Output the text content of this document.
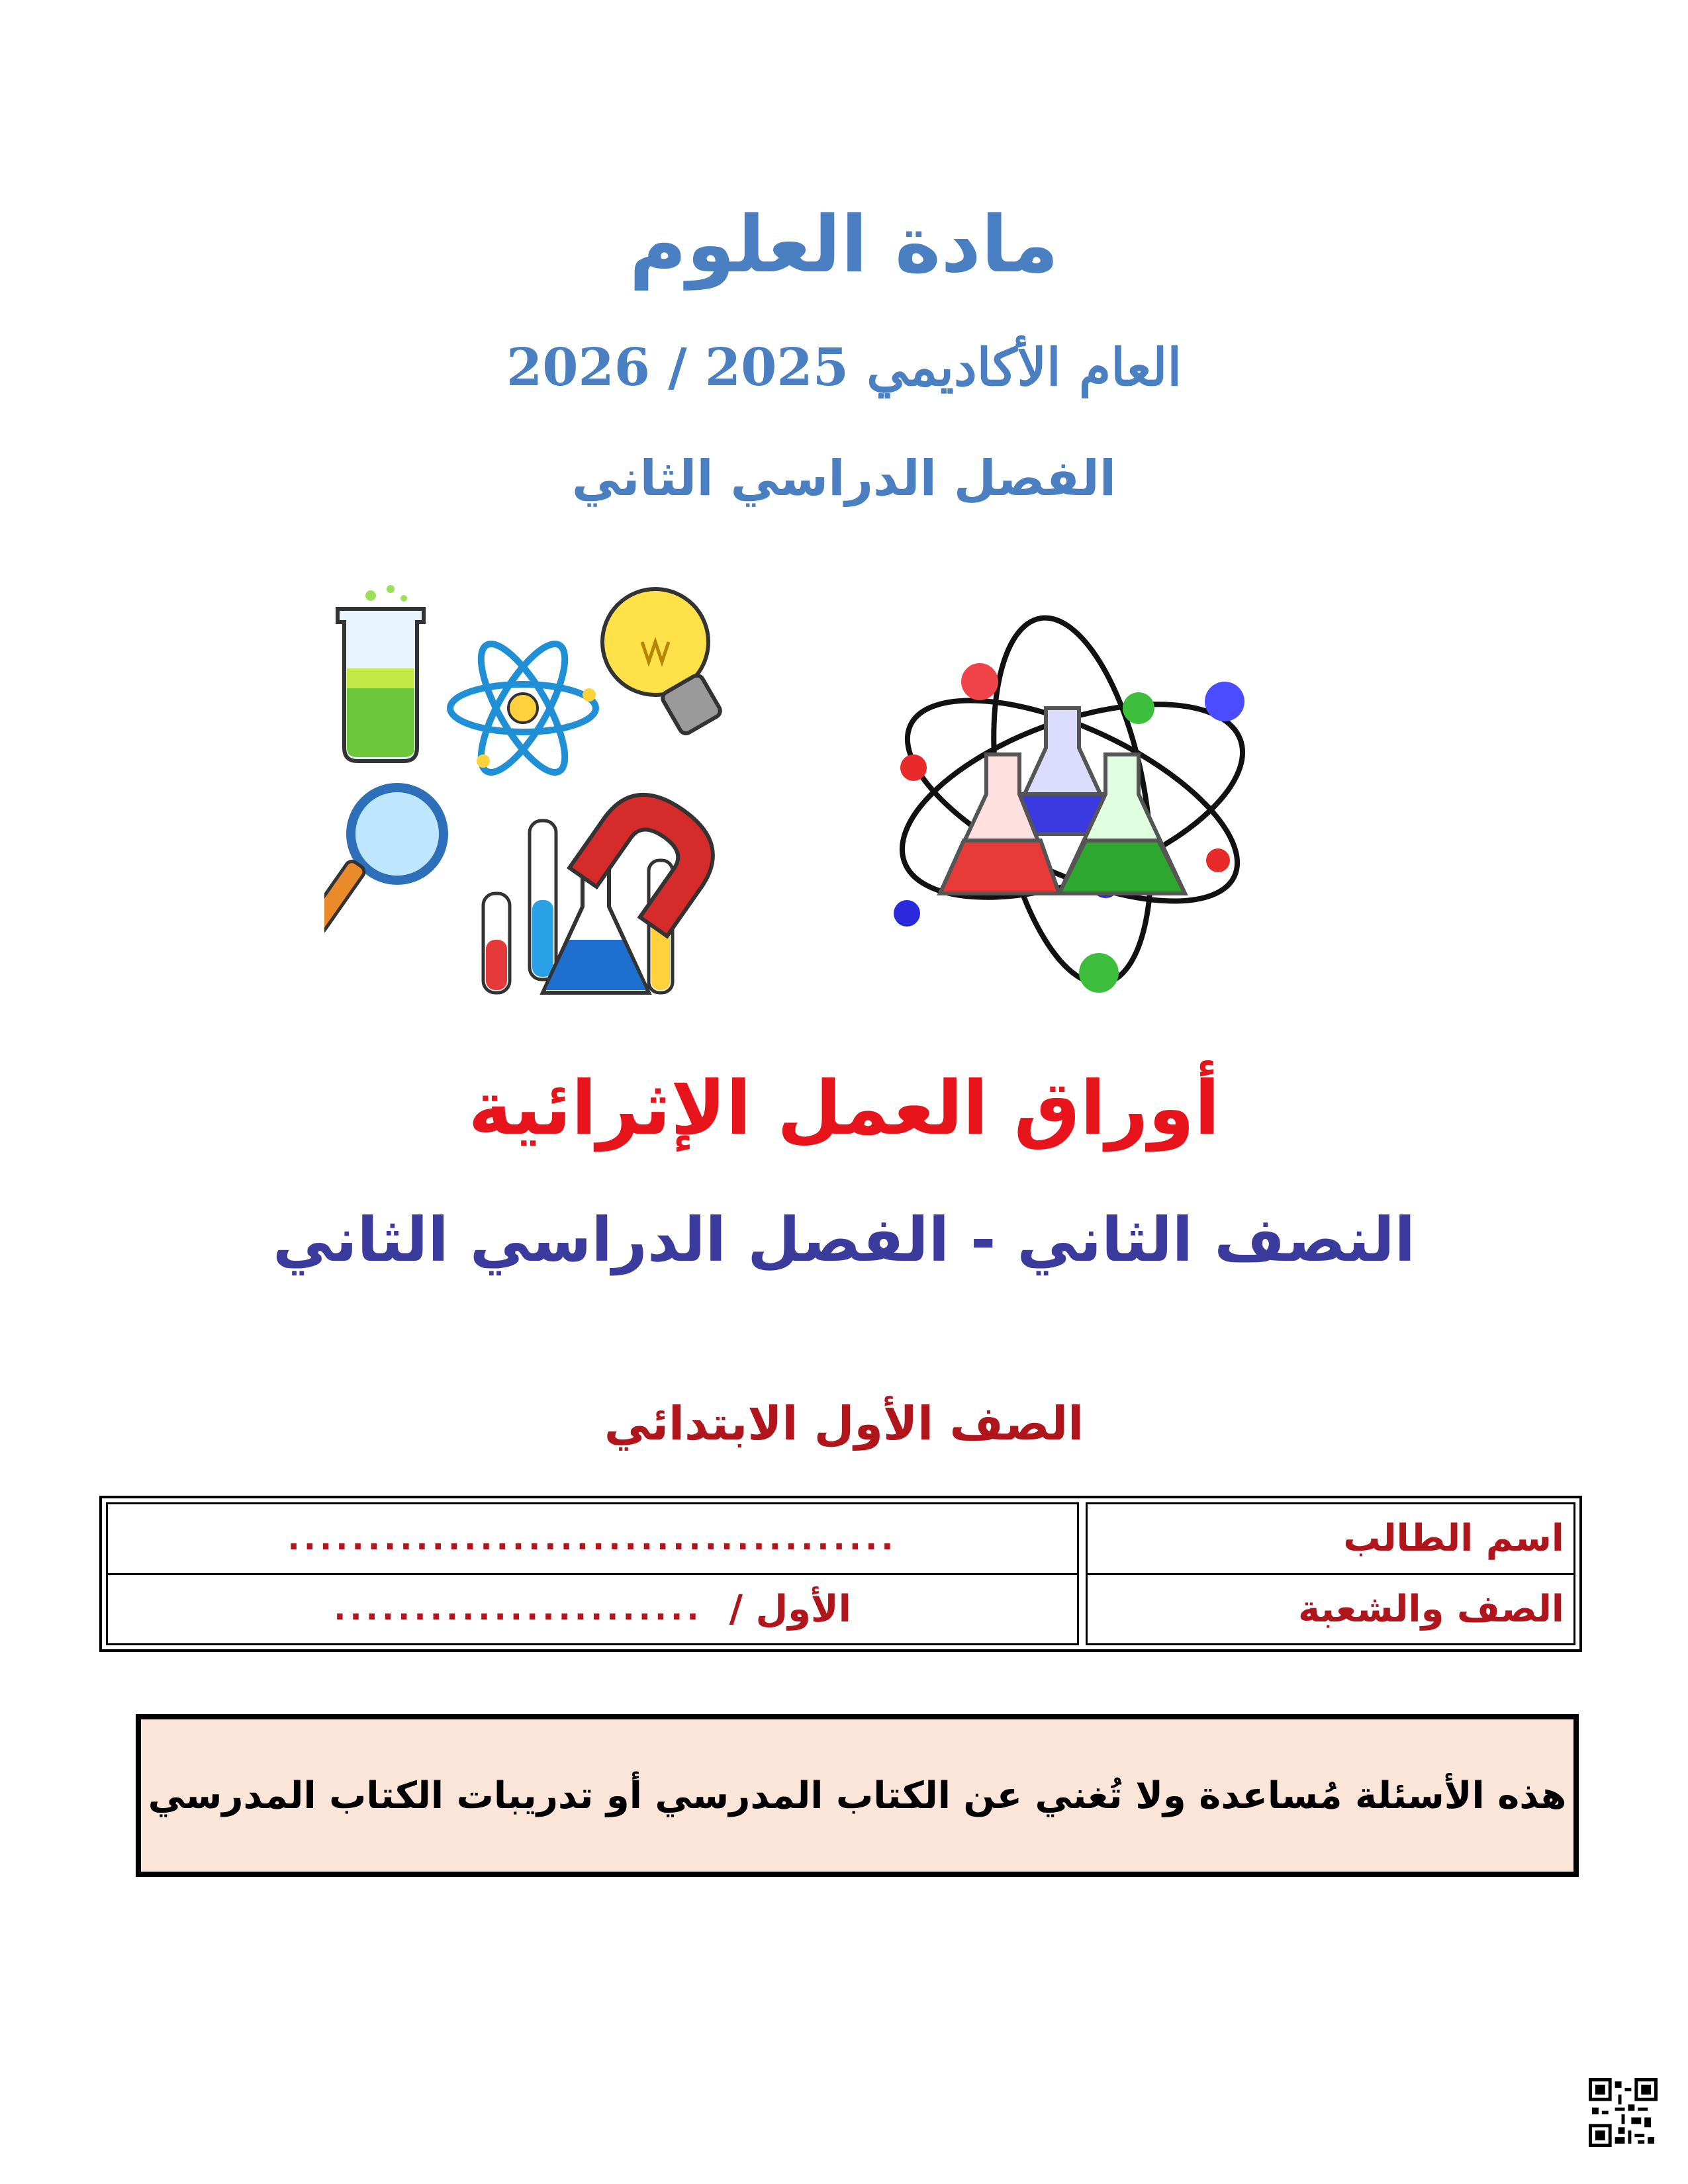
مادة العلوم
العام الأكاديمي 2025 / 2026
الفصل الدراسي الثاني
أوراق العمل الإثرائية
النصف الثاني - الفصل الدراسي الثاني
الصف الأول الابتدائي
اسم الطالب
الصف والشعبة
......................................
الأول /
.......................
هذه الأسئلة مُساعدة ولا تُغني عن الكتاب المدرسي أو تدريبات الكتاب المدرسي
